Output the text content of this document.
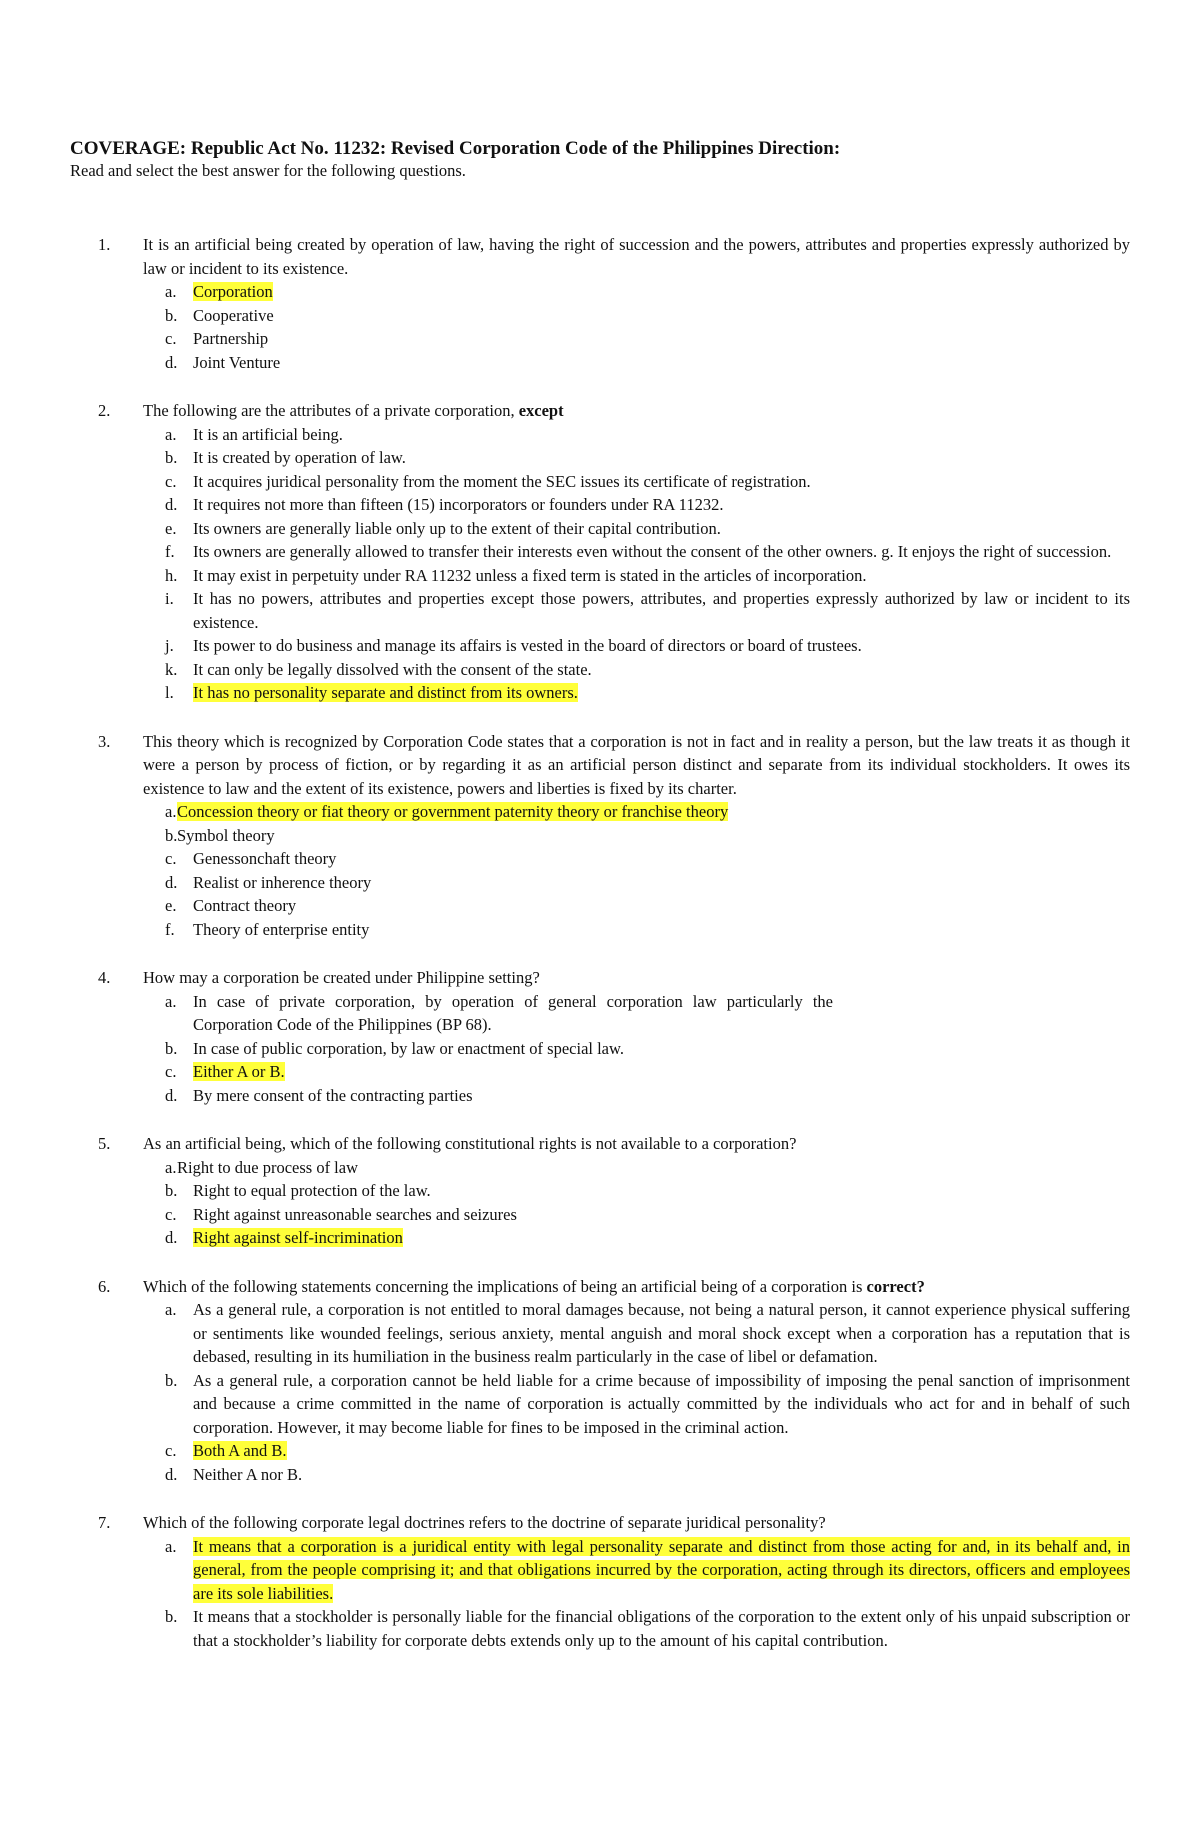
COVERAGE: Republic Act No. 11232: Revised Corporation Code of the Philippines Direction:

Read and select the best answer for the following questions.

1. It is an artificial being created by operation of law, having the right of succession and the powers, attributes and properties expressly authorized by law or incident to its existence.

a. Corporation
b. Cooperative
c. Partnership
d. Joint Venture
2. The following are the attributes of a private corporation, except

a. It is an artificial being.
b. It is created by operation of law.
c. It acquires juridical personality from the moment the SEC issues its certificate of registration.
d. It requires not more than fifteen (15) incorporators or founders under RA 11232.
e. Its owners are generally liable only up to the extent of their capital contribution.
f. Its owners are generally allowed to transfer their interests even without the consent of the other owners. g. It enjoys the right of succession.
h. It may exist in perpetuity under RA 11232 unless a fixed term is stated in the articles of incorporation.
i. It has no powers, attributes and properties except those powers, attributes, and properties expressly authorized by law or incident to its existence.
j. Its power to do business and manage its affairs is vested in the board of directors or board of trustees.
k. It can only be legally dissolved with the consent of the state.
l. It has no personality separate and distinct from its owners.
3. This theory which is recognized by Corporation Code states that a corporation is not in fact and in reality a person, but the law treats it as though it were a person by process of fiction, or by regarding it as an artificial person distinct and separate from its individual stockholders. It owes its existence to law and the extent of its existence, powers and liberties is fixed by its charter.

a. Concession theory or fiat theory or government paternity theory or franchise theory
b. Symbol theory
c. Genessonchaft theory
d. Realist or inherence theory
e. Contract theory
f. Theory of enterprise entity
4. How may a corporation be created under Philippine setting?

a. In case of private corporation, by operation of general corporation law particularly the Corporation Code of the Philippines (BP 68).
b. In case of public corporation, by law or enactment of special law.
c. Either A or B.
d. By mere consent of the contracting parties
5. As an artificial being, which of the following constitutional rights is not available to a corporation?

a. Right to due process of law
b. Right to equal protection of the law.
c. Right against unreasonable searches and seizures
d. Right against self-incrimination
6. Which of the following statements concerning the implications of being an artificial being of a corporation is correct?

a. As a general rule, a corporation is not entitled to moral damages because, not being a natural person, it cannot experience physical suffering or sentiments like wounded feelings, serious anxiety, mental anguish and moral shock except when a corporation has a reputation that is debased, resulting in its humiliation in the business realm particularly in the case of libel or defamation.
b. As a general rule, a corporation cannot be held liable for a crime because of impossibility of imposing the penal sanction of imprisonment and because a crime committed in the name of corporation is actually committed by the individuals who act for and in behalf of such corporation. However, it may become liable for fines to be imposed in the criminal action.
c. Both A and B.
d. Neither A nor B.
7. Which of the following corporate legal doctrines refers to the doctrine of separate juridical personality?

a. It means that a corporation is a juridical entity with legal personality separate and distinct from those acting for and, in its behalf and, in general, from the people comprising it; and that obligations incurred by the corporation, acting through its directors, officers and employees are its sole liabilities.
b. It means that a stockholder is personally liable for the financial obligations of the corporation to the extent only of his unpaid subscription or that a stockholder’s liability for corporate debts extends only up to the amount of his capital contribution.
